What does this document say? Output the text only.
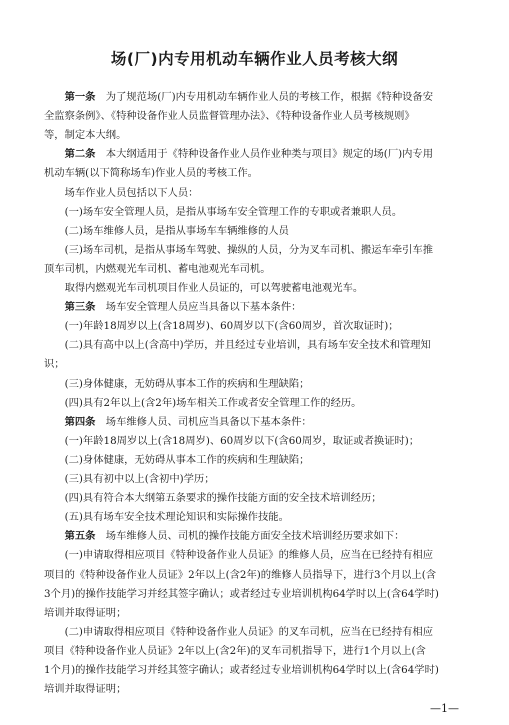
场(厂)内专用机动车辆作业人员考核大纲
第一条　为了规范场(厂)内专用机动车辆作业人员的考核工作，根据《特种设备安
全监察条例》、《特种设备作业人员监督管理办法》、《特种设备作业人员考核规则》
等，制定本大纲。
第二条　本大纲适用于《特种设备作业人员作业种类与项目》规定的场(厂)内专用
机动车辆(以下简称场车)作业人员的考核工作。
场车作业人员包括以下人员：
(一)场车安全管理人员，是指从事场车安全管理工作的专职或者兼职人员。
(二)场车维修人员，是指从事场车车辆维修的人员
(三)场车司机，是指从事场车驾驶、操纵的人员，分为叉车司机、搬运车牵引车推
顶车司机，内燃观光车司机、蓄电池观光车司机。
取得内燃观光车司机项目作业人员证的，可以驾驶蓄电池观光车。
第三条　场车安全管理人员应当具备以下基本条件：
(一)年龄18周岁以上(含18周岁)、60周岁以下(含60周岁，首次取证时)；
(二)具有高中以上(含高中)学历，并且经过专业培训，具有场车安全技术和管理知
识；
(三)身体健康，无妨碍从事本工作的疾病和生理缺陷；
(四)具有2年以上(含2年)场车相关工作或者安全管理工作的经历。
第四条　场车维修人员、司机应当具备以下基本条件：
(一)年龄18周岁以上(含18周岁)、60周岁以下(含60周岁，取证或者换证时)；
(二)身体健康，无妨碍从事本工作的疾病和生理缺陷；
(三)具有初中以上(含初中)学历；
(四)具有符合本大纲第五条要求的操作技能方面的安全技术培训经历；
(五)具有场车安全技术理论知识和实际操作技能。
第五条　场车维修人员、司机的操作技能方面安全技术培训经历要求如下：
(一)申请取得相应项目《特种设备作业人员证》的维修人员，应当在已经持有相应
项目的《特种设备作业人员证》2年以上(含2年)的维修人员指导下，进行3个月以上(含
3个月)的操作技能学习并经其签字确认；或者经过专业培训机构64学时以上(含64学时)
培训并取得证明；
(二)申请取得相应项目《特种设备作业人员证》的叉车司机，应当在已经持有相应
项目《特种设备作业人员证》2年以上(含2年)的叉车司机指导下，进行1个月以上(含
1个月)的操作技能学习并经其签字确认；或者经过专业培训机构64学时以上(含64学时)
培训并取得证明；
—1—
